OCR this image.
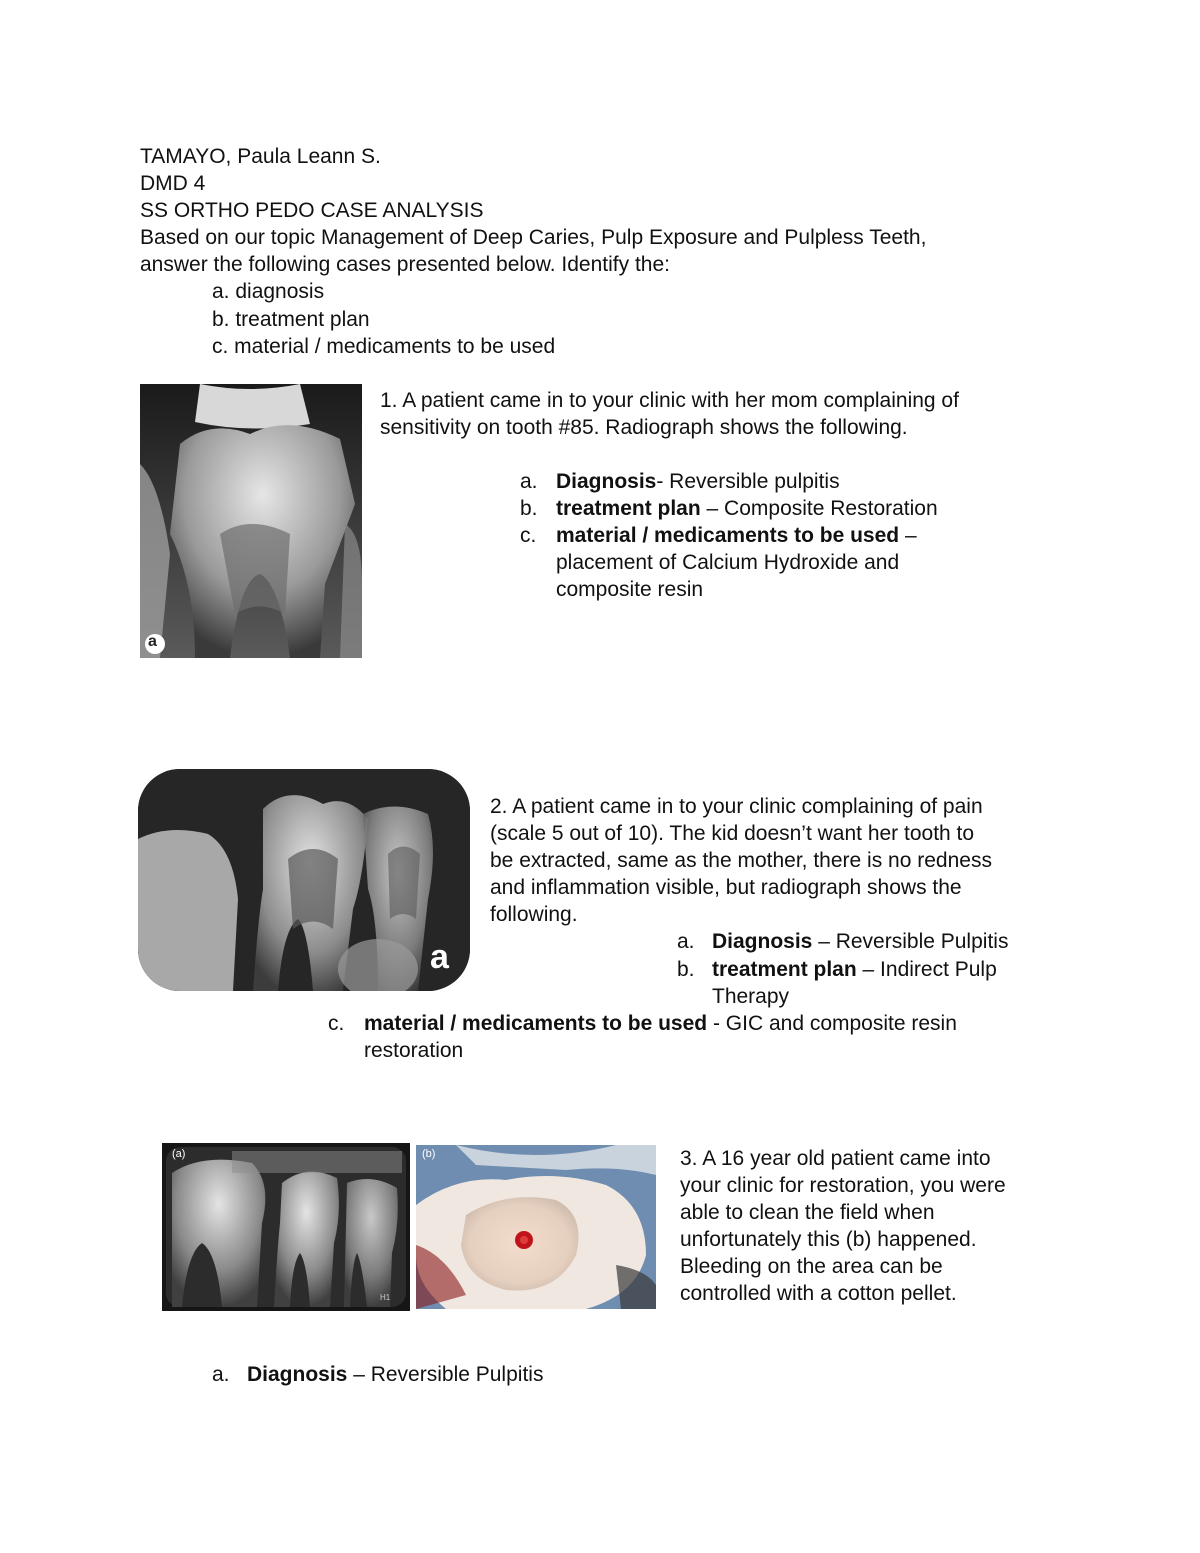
TAMAYO, Paula Leann S.
DMD 4
SS ORTHO PEDO CASE ANALYSIS
Based on our topic Management of Deep Caries, Pulp Exposure and Pulpless Teeth,
answer the following cases presented below. Identify the:
a. diagnosis
b. treatment plan
c. material / medicaments to be used
a
1. A patient came in to your clinic with her mom complaining of
sensitivity on tooth #85. Radiograph shows the following.
a. Diagnosis- Reversible pulpitis
b. treatment plan – Composite Restoration
c. material / medicaments to be used –
placement of Calcium Hydroxide and
composite resin
a
2. A patient came in to your clinic complaining of pain
(scale 5 out of 10). The kid doesn’t want her tooth to
be extracted, same as the mother, there is no redness
and inflammation visible, but radiograph shows the
following.
a. Diagnosis – Reversible Pulpitis
b. treatment plan – Indirect Pulp
Therapy
c. material / medicaments to be used - GIC and composite resin
restoration
(a)
H1
(b)	3. A 16 year old patient came into
your clinic for restoration, you were
able to clean the field when
unfortunately this (b) happened.
Bleeding on the area can be
controlled with a cotton pellet.
a. Diagnosis – Reversible Pulpitis
